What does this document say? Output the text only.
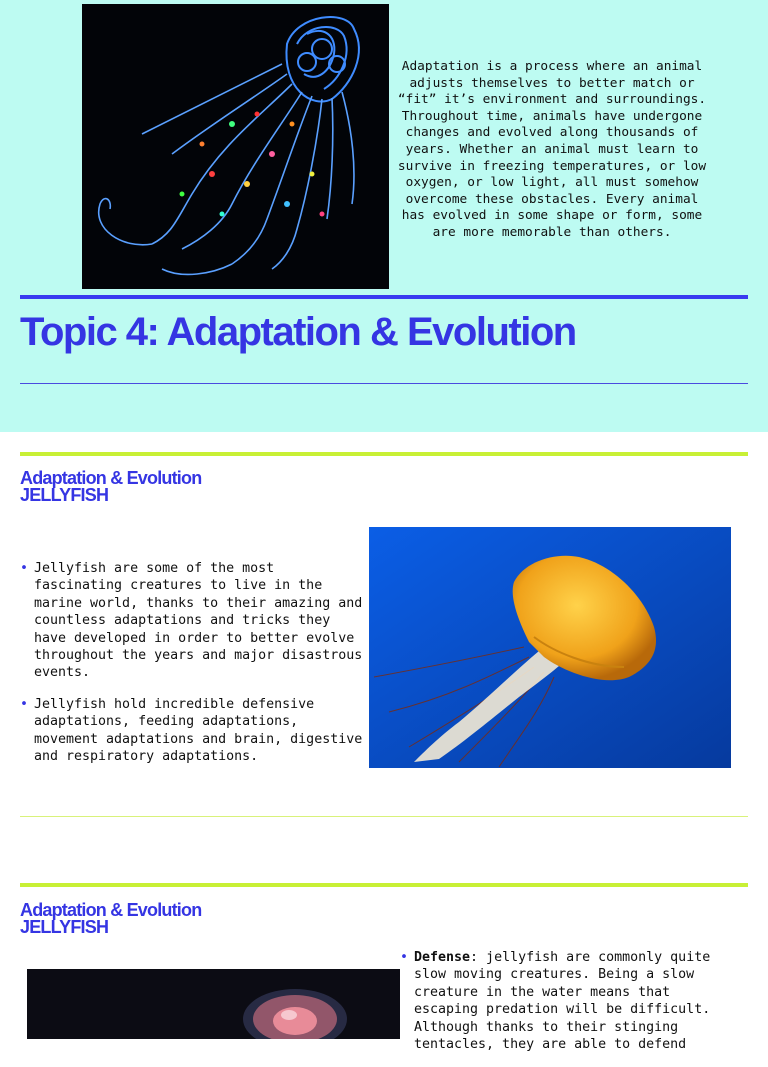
Adaptation is a process where an animal adjusts themselves to better match or “fit” it’s environment and surroundings. Throughout time, animals have undergone changes and evolved along thousands of years. Whether an animal must learn to survive in freezing temperatures, or low oxygen, or low light, all must somehow overcome these obstacles. Every animal has evolved in some shape or form, some are more memorable than others.
Topic 4: Adaptation & Evolution
Adaptation & Evolution
JELLYFISH
• Jellyfish are some of the most fascinating creatures to live in the marine world, thanks to their amazing and countless adaptations and tricks they have developed in order to better evolve throughout the years and major disastrous events.
• Jellyfish hold incredible defensive adaptations, feeding adaptations, movement adaptations and brain, digestive and respiratory adaptations.
Adaptation & Evolution
JELLYFISH
• Defense: jellyfish are commonly quite slow moving creatures. Being a slow creature in the water means that escaping predation will be difficult. Although thanks to their stinging tentacles, they are able to defend
